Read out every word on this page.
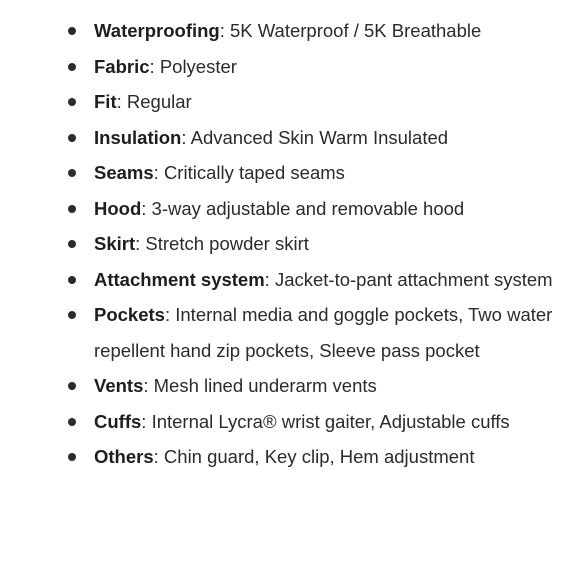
Waterproofing: 5K Waterproof / 5K Breathable
Fabric: Polyester
Fit: Regular
Insulation: Advanced Skin Warm Insulated
Seams: Critically taped seams
Hood: 3-way adjustable and removable hood
Skirt: Stretch powder skirt
Attachment system: Jacket-to-pant attachment system
Pockets: Internal media and goggle pockets, Two water repellent hand zip pockets, Sleeve pass pocket
Vents: Mesh lined underarm vents
Cuffs: Internal Lycra® wrist gaiter, Adjustable cuffs
Others: Chin guard, Key clip, Hem adjustment
